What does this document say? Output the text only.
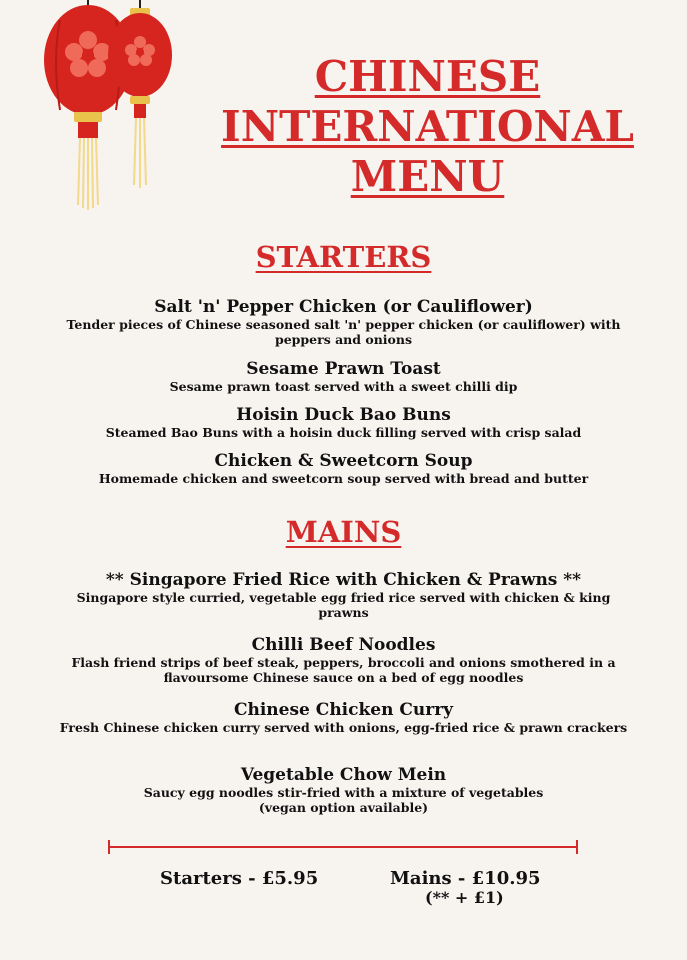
CHINESE
INTERNATIONAL
MENU
STARTERS
Salt 'n' Pepper Chicken (or Cauliflower)
Tender pieces of Chinese seasoned salt 'n' pepper chicken (or cauliflower) with peppers and onions
Sesame Prawn Toast
Sesame prawn toast served with a sweet chilli dip
Hoisin Duck Bao Buns
Steamed Bao Buns with a hoisin duck filling served with crisp salad
Chicken & Sweetcorn Soup
Homemade chicken and sweetcorn soup served with bread and butter
MAINS
** Singapore Fried Rice with Chicken & Prawns **
Singapore style curried, vegetable egg fried rice served with chicken & king prawns
Chilli Beef Noodles
Flash friend strips of beef steak, peppers, broccoli and onions smothered in a flavoursome Chinese sauce on a bed of egg noodles
Chinese Chicken Curry
Fresh Chinese chicken curry served with onions, egg-fried rice & prawn crackers
Vegetable Chow Mein
Saucy egg noodles stir-fried with a mixture of vegetables
(vegan option available)
Starters - £5.95	Mains - £10.95
(** + £1)
